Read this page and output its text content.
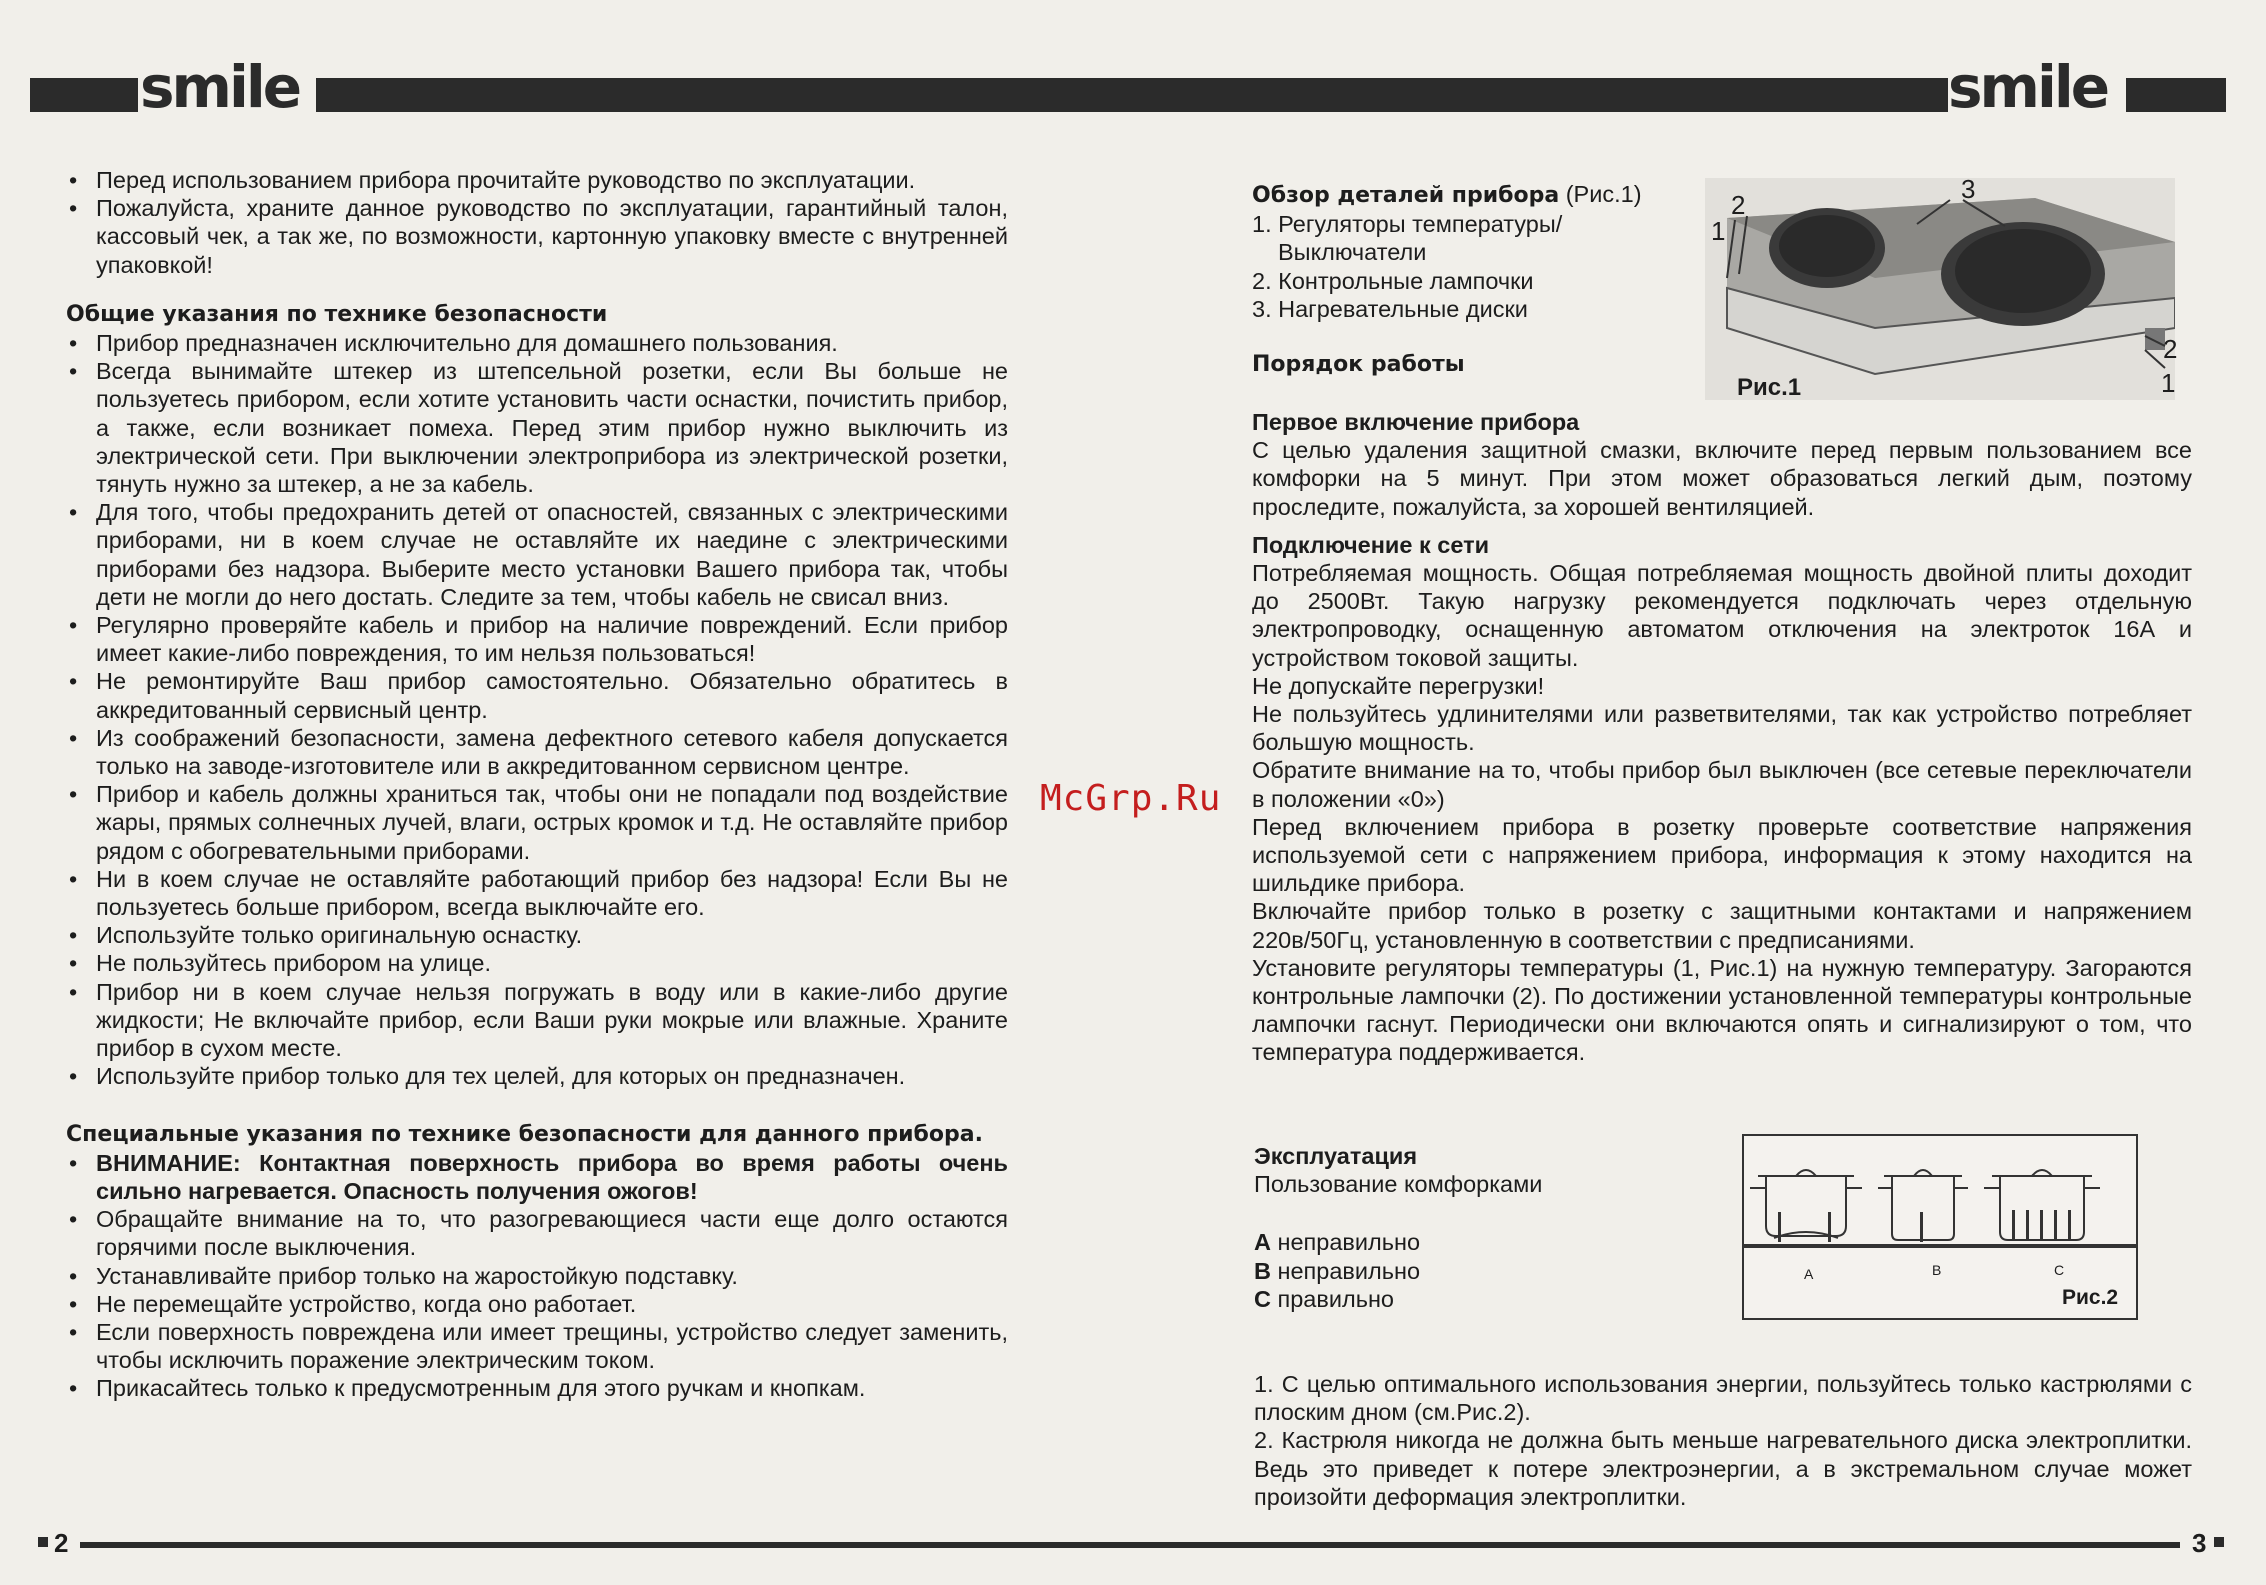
smile	smile
• Перед использованием прибора прочитайте руководство по эксплуатации.
• Пожалуйста, храните данное руководство по эксплуатации, гарантийный талон, кассовый чек, а так же, по возможности, картонную упаковку вместе с внутренней упаковкой!
Общие указания по технике безопасности
• Прибор предназначен исключительно для домашнего пользования.
• Всегда вынимайте штекер из штепсельной розетки, если Вы больше не пользуетесь прибором, если хотите установить части оснастки, почистить прибор, а также, если возникает помеха. Перед этим прибор нужно выключить из электрической сети. При выключении электроприбора из электрической розетки, тянуть нужно за штекер, а не за кабель.
• Для того, чтобы предохранить детей от опасностей, связанных с электрическими приборами, ни в коем случае не оставляйте их наедине с электрическими приборами без надзора. Выберите место установки Вашего прибора так, чтобы дети не могли до него достать. Следите за тем, чтобы кабель не свисал вниз.
• Регулярно проверяйте кабель и прибор на наличие повреждений. Если прибор имеет какие-либо повреждения, то им нельзя пользоваться!
• Не ремонтируйте Ваш прибор самостоятельно. Обязательно обратитесь в аккредитованный сервисный центр.
• Из соображений безопасности, замена дефектного сетевого кабеля допускается только на заводе-изготовителе или в аккредитованном сервисном центре.
• Прибор и кабель должны храниться так, чтобы они не попадали под воздействие жары, прямых солнечных лучей, влаги, острых кромок и т.д. Не оставляйте прибор рядом с обогревательными приборами.
• Ни в коем случае не оставляйте работающий прибор без надзора! Если Вы не пользуетесь больше прибором, всегда выключайте его.
• Используйте только оригинальную оснастку.
• Не пользуйтесь прибором на улице.
• Прибор ни в коем случае нельзя погружать в воду или в какие-либо другие жидкости; Не включайте прибор, если Ваши руки мокрые или влажные. Храните прибор в сухом месте.
• Используйте прибор только для тех целей, для которых он предназначен.
Специальные указания по технике безопасности для данного прибора.
• ВНИМАНИЕ: Контактная поверхность прибора во время работы очень сильно нагревается. Опасность получения ожогов!
• Обращайте внимание на то, что разогревающиеся части еще долго остаются горячими после выключения.
• Устанавливайте прибор только на жаростойкую подставку.
• Не перемещайте устройство, когда оно работает.
• Если поверхность повреждена или имеет трещины, устройство следует заменить, чтобы исключить поражение электрическим током.
• Прикасайтесь только к предусмотренным для этого ручкам и кнопкам.
Обзор деталей прибора (Рис.1)
1. Регуляторы температуры/
Выключатели
2. Контрольные лампочки
3. Нагревательные диски
Порядок работы
1
2
3
2
1
Рис.1
Первое включение прибора

С целью удаления защитной смазки, включите перед первым пользованием все комфорки на 5 минут. При этом может образоваться легкий дым, поэтому проследите, пожалуйста, за хорошей вентиляцией.

Подключение к сети

Потребляемая мощность. Общая потребляемая мощность двойной плиты доходит до 2500Вт. Такую нагрузку рекомендуется подключать через отдельную электропроводку, оснащенную автоматом отключения на электроток 16А и устройством токовой защиты.

Не допускайте перегрузки!

Не пользуйтесь удлинителями или разветвителями, так как устройство потребляет большую мощность.

Обратите внимание на то, чтобы прибор был выключен (все сетевые переключатели в положении «0»)

Перед включением прибора в розетку проверьте соответствие напряжения используемой сети с напряжением прибора, информация к этому находится на шильдике прибора.

Включайте прибор только в розетку с защитными контактами и напряжением 220в/50Гц, установленную в соответствии с предписаниями.

Установите регуляторы температуры (1, Рис.1) на нужную температуру. Загораются контрольные лампочки (2). По достижении установленной температуры контрольные лампочки гаснут. Периодически они включаются опять и сигнализируют о том, что температура поддерживается.

Эксплуатация
Пользование комфорками
А неправильно
В неправильно
С правильно
A	B	C
Рис.2

1. С целью оптимального использования энергии, пользуйтесь только кастрюлями с плоским дном (см.Рис.2).

2. Кастрюля никогда не должна быть меньше нагревательного диска электроплитки. Ведь это приведет к потере электроэнергии, а в экстремальном случае может произойти деформация электроплитки.

McGrp.Ru
2	3
